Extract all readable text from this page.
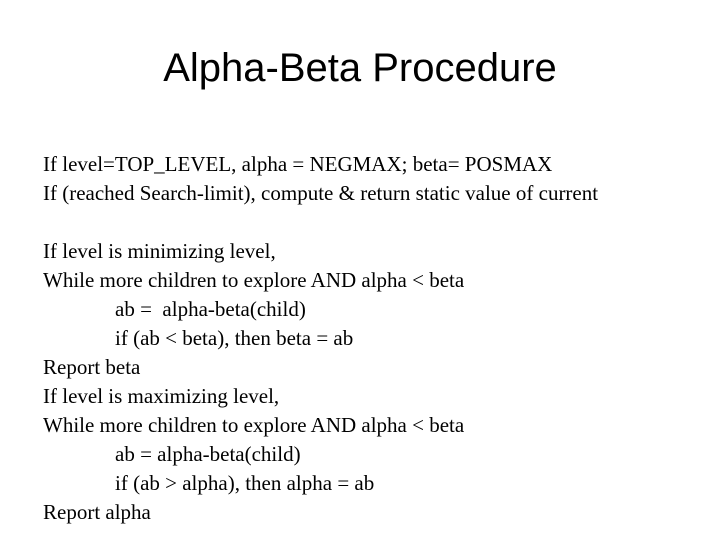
Alpha-Beta Procedure
If level=TOP_LEVEL, alpha = NEGMAX; beta= POSMAX
If (reached Search-limit), compute & return static value of current
If level is minimizing level,
While more children to explore AND alpha < beta
ab =  alpha-beta(child)
if (ab < beta), then beta = ab
Report beta
If level is maximizing level,
While more children to explore AND alpha < beta
ab = alpha-beta(child)
if (ab > alpha), then alpha = ab
Report alpha
